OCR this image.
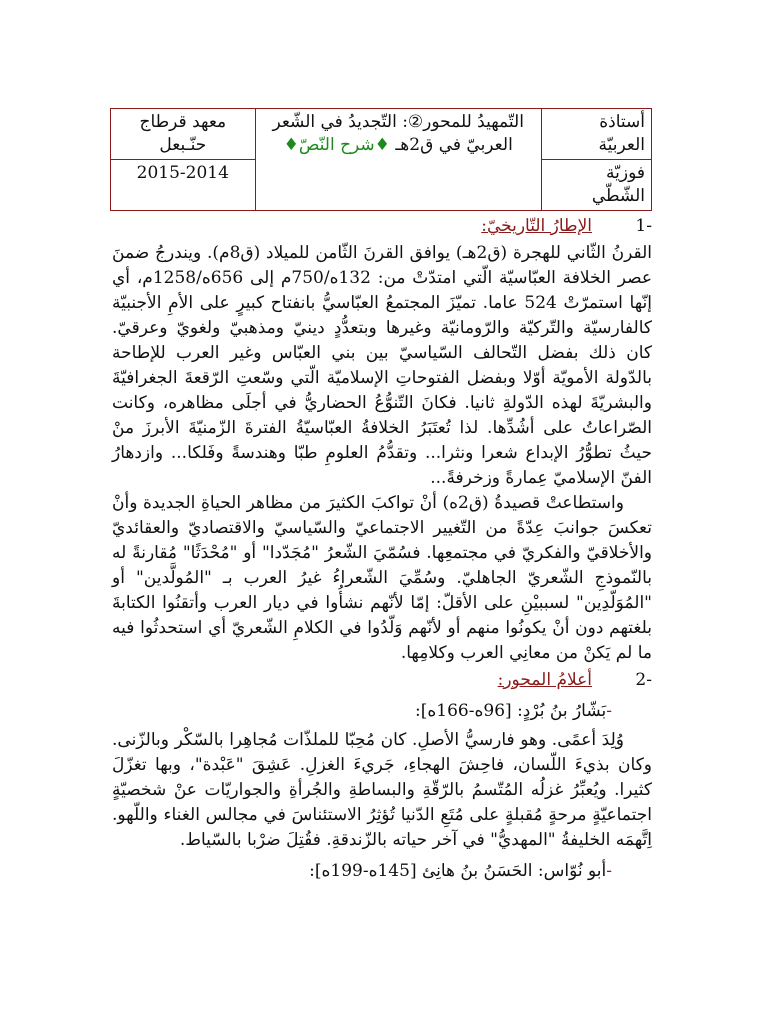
أستاذة العربيّة	التّمهيدُ للمحور②: التّجديدُ في الشّعر العربيّ في ق2هـ ♦شرح النّصّ♦	معهد قرطاج
حنّـبعل

فوزيّة الشّطّي		2015-2014
-1
الإطارُ التّاريخيّ:

القرنُ الثّاني للهجرة (ق2هـ) يوافق القرنَ الثّامن للميلاد (ق8م). ويندرجُ ضمنَ عصر الخلافة العبّاسيّة الّتي امتدّتْ من: 132ه/750م إلى 656ه/1258م، أي إنّها استمرّتْ 524 عاما. تميّزَ المجتمعُ العبّاسيُّ بانفتاح كبيرٍ على الأمِ الأجنبيّة كالفارسيّة والتّركيّة والرّومانيّة وغيرها وبتعدُّدٍ دينيّ ومذهبيّ ولغويّ وعرقيّ. كان ذلك بفضل التّحالف السّياسيّ بين بني العبّاس وغير العرب للإطاحة بالدّولة الأمويّة أوّلا وبفضل الفتوحاتِ الإسلاميّة الّتي وسّعتِ الرّقعةَ الجغرافيّةَ والبشريّةَ لهذه الدّولةِ ثانيا. فكانَ التّنوُّعُ الحضاريُّ في أجلَى مظاهره، وكانت الصّراعاتُ على أشُدِّها. لذا تُعتَبَرُ الخلافةُ العبّاسيّةُ الفترةَ الزّمنيّةَ الأبرزَ منْ حيثُ تطوُّرُ الإبداع شعرا ونثرا... وتقدُّمُ العلومِ طبّا وهندسةً وفَلكا... وازدهارُ الفنّ الإسلاميّ عِمارةً وزخرفةً...

واستطاعتْ قصيدةُ (ق2ه) أنْ تواكبَ الكثيرَ من مظاهر الحياةِ الجديدة وأنْ تعكسَ جوانبَ عِدّةً من التّغيير الاجتماعيّ والسّياسيّ والاقتصاديّ والعقائديّ والأخلاقيّ والفكريّ في مجتمعِها. فسُمّيَ الشّعرُ "مُجَدّدا" أو "مُحْدَثًا" مُقارنةً له بالنّموذجِ الشّعريّ الجاهليّ. وسُمِّيَ الشّعراءُ غيرُ العرب بـ "المُولَّدين" أو "المُوَلّدِين" لسببيْنِ على الأقلّ: إمّا لأنّهم نشأُوا في ديار العرب وأتقنُوا الكتابةَ بلغتهم دون أنْ يكونُوا منهم أو لأنّهم وَلّدُوا في الكلامِ الشّعريّ أي استحدثُوا فيه ما لم يَكنْ من معانِي العرب وكلامِها.

-2
أعلامُ المحور:
-بَشّارُ بنُ بُرْدٍ: [96ه-166ه]:

وُلِدَ أعمًى. وهو فارسيُّ الأصلِ. كان مُحِبّا للملذّات مُجاهِرا بالسّكْر وبالزّنى. وكان بذيءَ اللّسان، فاحِشَ الهجاءِ، جَريءَ الغزلِ. عَشِقَ "عَبْدة"، وبها تغزّلَ كثيرا. ويُعبِّرُ غزلُه المُتّسمُ بالرّقّةِ والبساطةِ والجُرأةِ والجواريّات عنْ شخصيّةٍ اجتماعيّةٍ مرحةٍ مُقبلةٍ على مُتَعِ الدّنيا تُؤثِرُ الاستئناسَ في مجالس الغناء واللّهو. اِتَّهمَه الخليفةُ "المهديُّ" في آخر حياته بالزّندقةِ. فقُتِلَ ضرْبا بالسّياط.

-أبو نُوّاس: الحَسَنُ بنُ هانِئ [145ه-199ه]:
